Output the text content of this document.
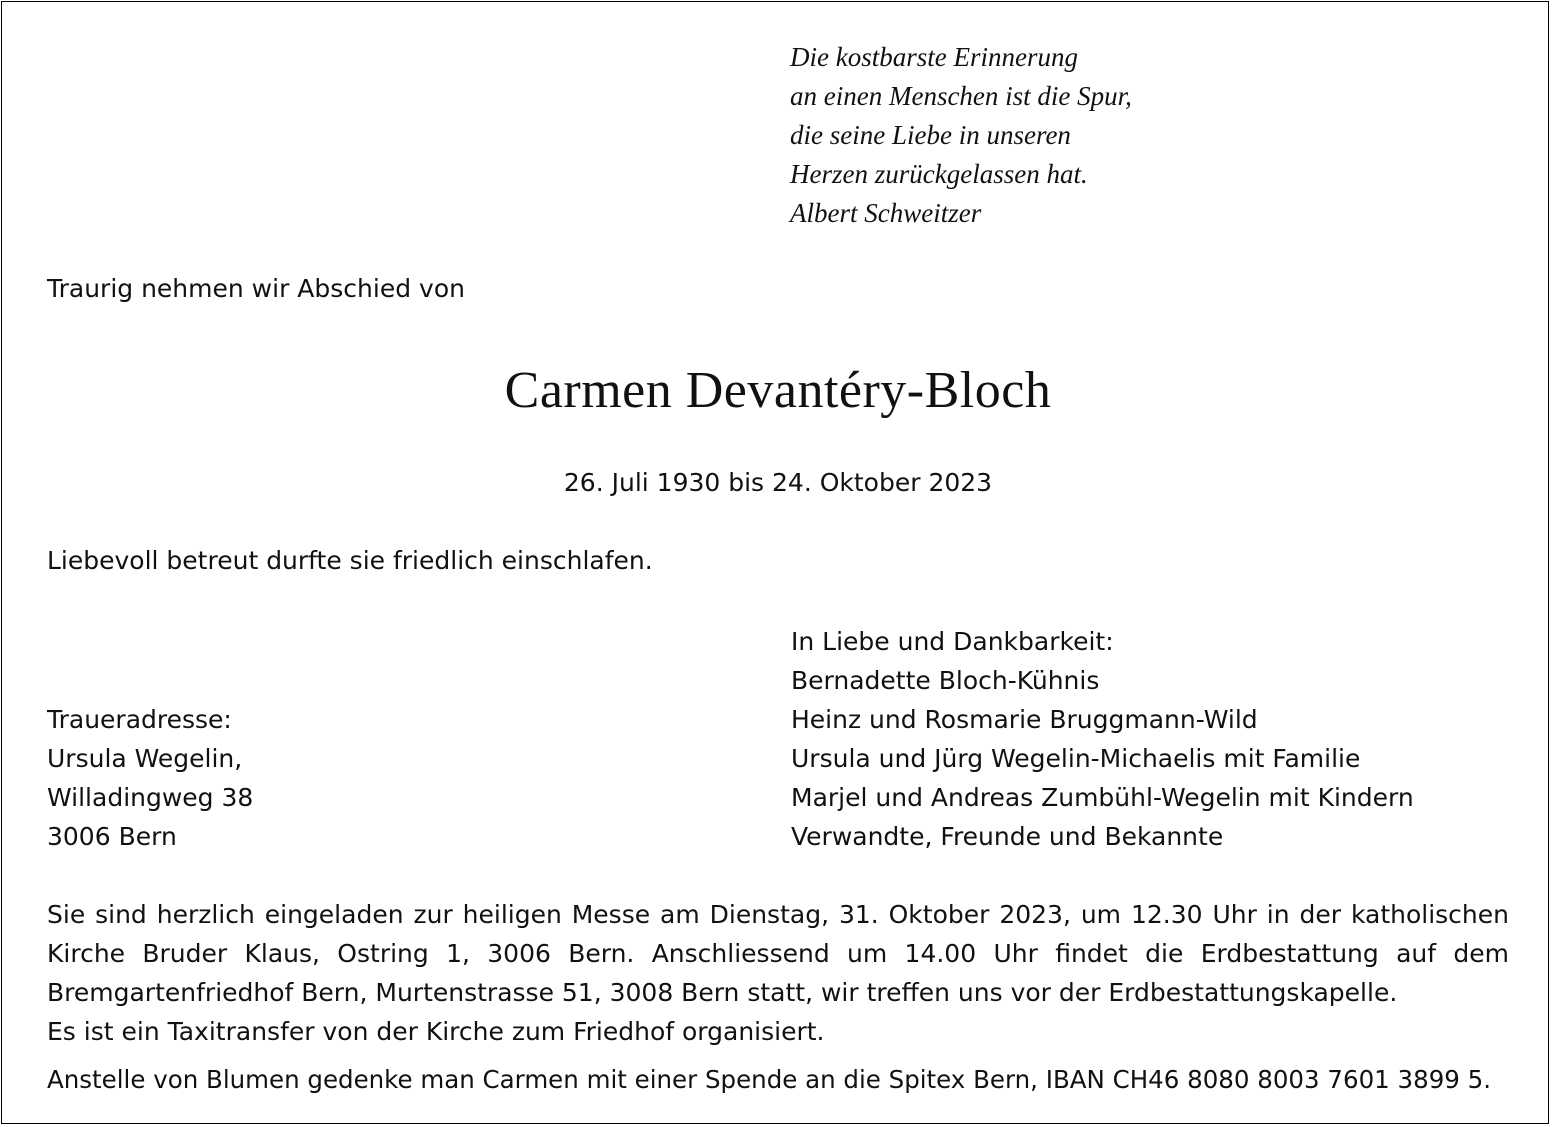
Die kostbarste Erinnerung
an einen Menschen ist die Spur,
die seine Liebe in unseren
Herzen zurückgelassen hat.
Albert Schweitzer
Traurig nehmen wir Abschied von
Carmen Devantéry-Bloch
26. Juli 1930 bis 24. Oktober 2023
Liebevoll betreut durfte sie friedlich einschlafen.
In Liebe und Dankbarkeit:
Bernadette Bloch-Kühnis
Heinz und Rosmarie Bruggmann-Wild
Ursula und Jürg Wegelin-Michaelis mit Familie
Marjel und Andreas Zumbühl-Wegelin mit Kindern
Verwandte, Freunde und Bekannte
Traueradresse:
Ursula Wegelin,
Willadingweg 38
3006 Bern
Sie sind herzlich eingeladen zur heiligen Messe am Dienstag, 31. Oktober 2023, um 12.30 Uhr in der katholischen
Kirche Bruder Klaus, Ostring 1, 3006 Bern. Anschliessend um 14.00 Uhr findet die Erdbestattung auf dem
Bremgartenfriedhof Bern, Murtenstrasse 51, 3008 Bern statt, wir treffen uns vor der Erdbestattungskapelle.
Es ist ein Taxitransfer von der Kirche zum Friedhof organisiert.
Anstelle von Blumen gedenke man Carmen mit einer Spende an die Spitex Bern, IBAN CH46 8080 8003 7601 3899 5.
